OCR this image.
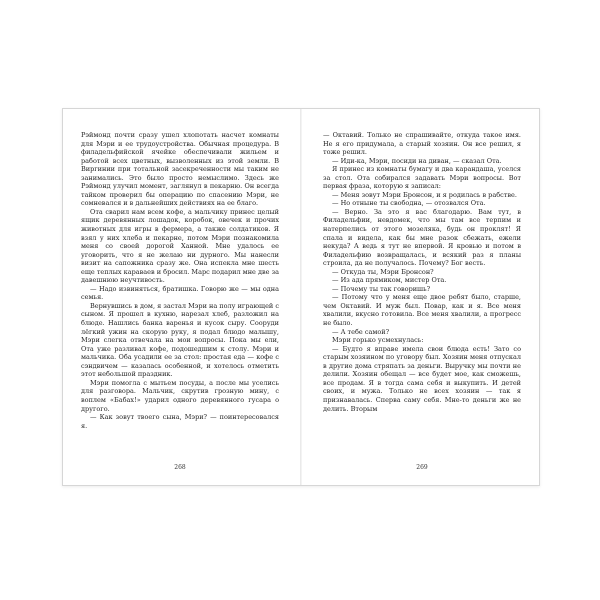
Рэймонд почти сразу ушел хлопотать насчет комнаты для Мэри и ее трудоустройства. Обычная процедура. В филадельфийской ячейке обеспечивали жильем и работой всех цветных, вызволенных из этой земли. В Виргинии при тотальной засекреченности мы таким не занимались. Это было просто немыслимо. Здесь же Рэймонд улучил момент, заглянул в пекарню. Он всегда тайком проверил бы операцию по спасению Мэри, не сомневался и в дальнейших действиях на ее благо.

Ота сварил нам всем кофе, а мальчику принес целый ящик деревянных лошадок, коробок, овечек и прочих животных для игры в фермера, а также солдатиков. Я взял у них хлеба и пекарне, потом Мэри познакомила меня со своей дорогой Ханной. Мне удалось ее уговорить, что я не желаю ни дурного. Мы нанесли визит на сапожника сразу же. Она испекла мне шесть еще теплых караваев и бросил. Марс подарил мне две за давешнюю неучтивость.

— Надо извиняться, братишка. Говорю же — мы одна семья.

Вернувшись в дом, я застал Мэри на полу играющей с сыном. Я прошел в кухню, нарезал хлеб, разложил на блюде. Нашлись банка варенья и кусок сыру. Сооруди лёгкий ужин на скорую руку, я подал блюдо малышу, Мэри слегка отвечала на мои вопросы. Пока мы ели, Ота уже разливал кофе, подошедшим к столу. Мэри и мальчика. Оба усадили ее за стол: простая еда — кофе с сэндвичем — казалась особенной, и хотелось отметить этот небольшой праздник.

Мэри помогла с мытьем посуды, а после мы уселись для разговора. Мальчик, скрутив грозную мину, с воплем «Бабах!» ударил одного деревянного гусара о другого.

— Как зовут твоего сына, Мэри? — поинтересовался я.

268

— Октавий. Только не спрашивайте, откуда такое имя. Не я его придумала, а старый хозяин. Он все решил, я тоже решил.

— Иди-ка, Мэри, посиди на диван, — сказал Ота.

Я принес из комнаты бумагу и два карандаша, уселся за стол. Ота собирался задавать Мэри вопросы. Вот первая фраза, которую я записал:

— Меня зовут Мэри Бронсон, и я родилась в рабстве.

— Но отныне ты свободна, — отозвался Ота.

— Верно. За это я вас благодарю. Вам тут, в Филадельфии, невдомек, что мы там все терпим и натерпелись от этого мозеляка, будь он проклят! Я спала и видела, как бы мне разок сбежать, ежели некуда? А ведь я тут не впервой. Я кровью и потом в Филадельфию возвращалась, и всякий раз я планы строила, да не получалось. Почему? Бог весть.

— Откуда ты, Мэри Бронсон?

— Из ада прямиком, мистер Ота.

— Почему ты так говоришь?

— Потому что у меня еще двое ребят было, старше, чем Октавий. И муж был. Повар, как и я. Все меня хвалили, вкусно готовила. Все меня хвалили, а прогресс не было.

— А тебе самой?

Мэри горько усмехнулась:

— Будто я вправе имела свои блюда есть! Зато со старым хозяином по уговору был. Хозяин меня отпускал в другие дома стряпать за деньги. Выручку мы почти не делили. Хозяин обещал — все будет мое, как сможешь, все продам. Я в тогда сама себя и выкупить. И детей своих, и мужа. Только не всех хозяин — так я признавалась. Сперва саму себя. Мне-то деньги же не делить. Вторым

269
